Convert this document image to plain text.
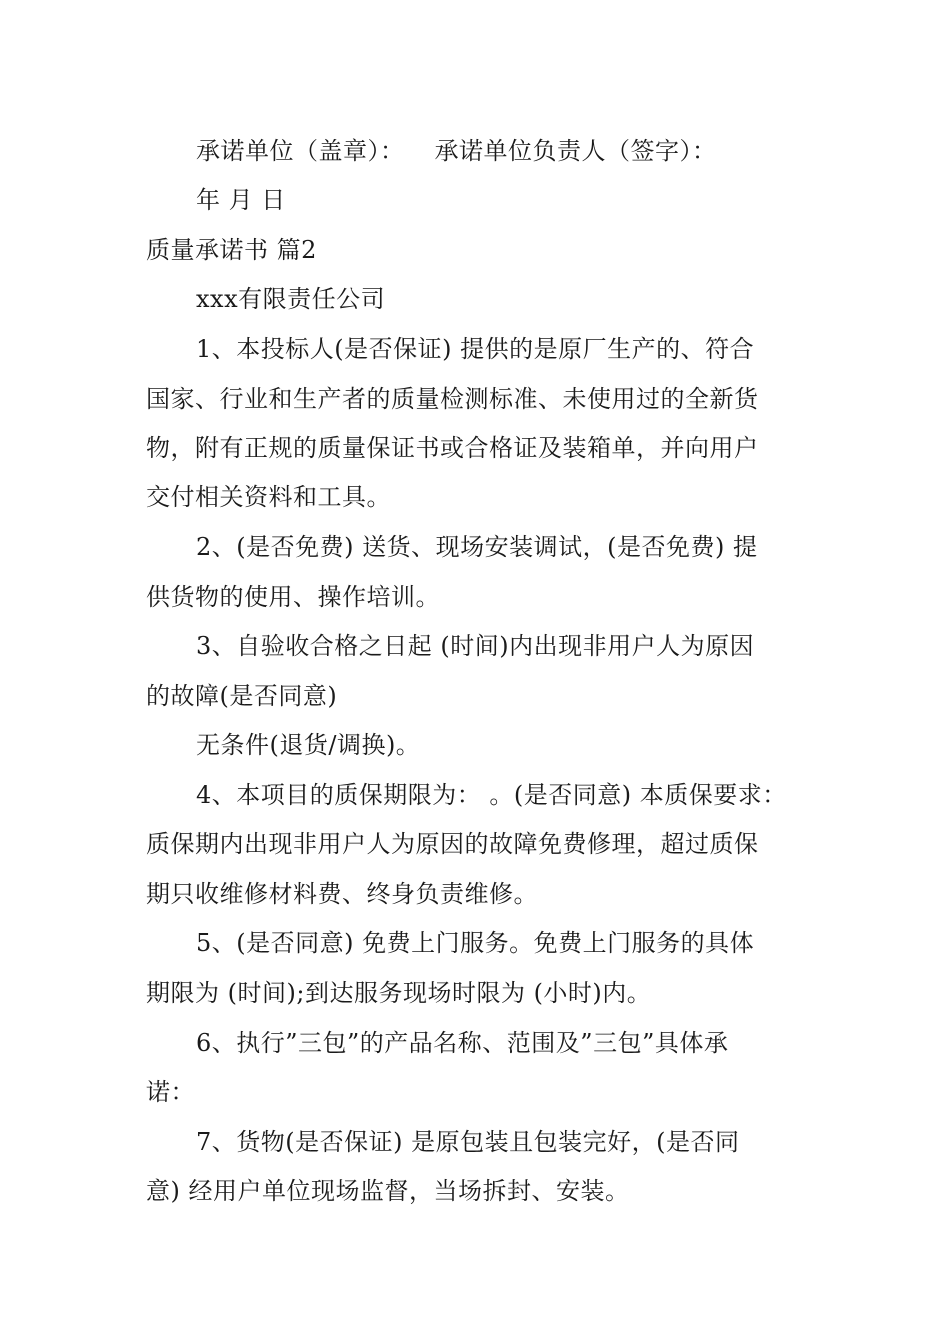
承诺单位（盖章）： 承诺单位负责人（签字）：
年 月 日
质量承诺书 篇2
xxx有限责任公司
1、本投标人(是否保证) 提供的是原厂生产的、符合
国家、行业和生产者的质量检测标准、未使用过的全新货
物，附有正规的质量保证书或合格证及装箱单，并向用户
交付相关资料和工具。
2、(是否免费) 送货、现场安装调试，(是否免费) 提
供货物的使用、操作培训。
3、自验收合格之日起 (时间)内出现非用户人为原因
的故障(是否同意)
无条件(退货/调换)。
4、本项目的质保期限为： 。(是否同意) 本质保要求：
质保期内出现非用户人为原因的故障免费修理，超过质保
期只收维修材料费、终身负责维修。
5、(是否同意) 免费上门服务。免费上门服务的具体
期限为 (时间);到达服务现场时限为 (小时)内。
6、执行”三包”的产品名称、范围及”三包”具体承
诺：
7、货物(是否保证) 是原包装且包装完好，(是否同
意) 经用户单位现场监督，当场拆封、安装。
